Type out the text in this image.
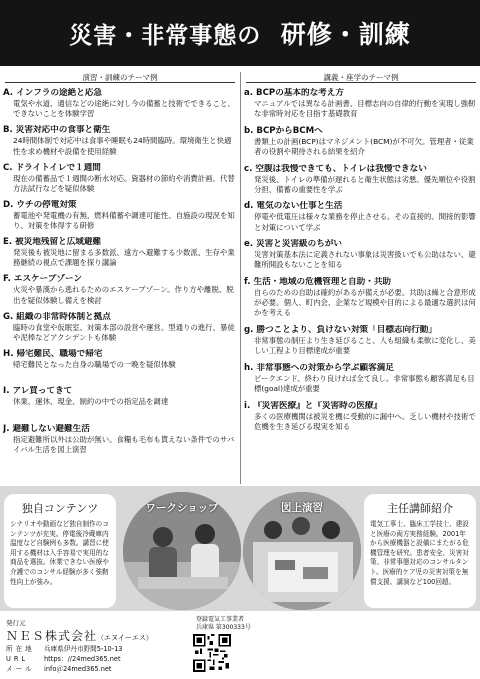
災害・非常事態の 研修・訓練
演習・訓練のテーマ例	講義・座学のテーマ例
A. インフラの途絶と応急
電気や水道、通信などの途絶に対し今の備蓄と技術でできること、できないことを体験学習
B. 災害対応中の食事と衛生
24時間体制で対応中は食事や睡眠も24時間臨時。環境衛生と快適性を求め機材や設備を使用経験
C. ドライトイレで１週間
現在の備蓄品で１週間の断水対応。資器材の節約や消費計画、代替方法試行などを疑似体験
D. ウチの停電対策
蓄電池や発電機の有無、燃料備蓄や調達可能性、自施設の現況を知り、対策を体得する研修
E. 被災地残留と広域避難
発災後も被災地に留まる多数派、遠方へ避難する少数派、生存や業務継続の視点で課題を探り講論
F. エスケープゾーン
火災や暴漢から逃れるためのエスケープゾーン。作り方や離脱、脱出を疑似体験し備えを検討
G. 組織の非常時体制と拠点
臨時の食堂や仮眠室、対策本部の設営や運営。型通りの進行、暴徒や泥棒などアクシデントも体験
H. 帰宅難民、職場で帰宅
帰宅難民となった自身の職場での一晩を疑似体験
I. アレ買ってきて
休業、運休、現金、制約の中での指定品を調達
J. 避難しない避難生活
指定避難所以外は公助が無い。食糧も毛布も貰えない条件でのサバイバル生活を図上演習
a. BCPの基本的な考え方
マニュアルでは異なる計画書、目標志向の自律的行動を実現し強靭な非常時対応を目指す基礎教育
b. BCPからBCMへ
書類上の計画(BCP)はマネジメント(BCM)が不可欠。管理者・従業者の役割や期待される結果を紹介
c. 空腹は我慢できても、トイレは我慢できない
発災後、トイレの準備が遅れると衛生状態は劣悪。優先順位や役割分担、備蓄の重要性を学ぶ
d. 電気のない仕事と生活
停電や低電圧は様々な業務を停止させる。その直接的、間接的影響と対策について学ぶ
e. 災害と災害級のちがい
災害対策基本法に定義されない事象は災害扱いでも公助はない、避難所開設もないことを知る
f. 生活・地域の危機管理と自助・共助
自らのための自助は確約があるが備えが必要。共助は繰と合意形成が必要。個人、町内会、企業など規模や目的による最適な選択は何かを考える
g. 勝つことより、負けない対策「目標志向行動」
非常事態の制圧より生き延びること、人も組織も柔軟に変化し、美しい工程より目標達成が重要
h. 非常事態への対策から学ぶ顧客満足
ピークエンド、終わり良ければ全て良し。非常事態も顧客満足も目標(goal)達成が重要
i. 『災害医療』と『災害時の医療』
多くの医療機関は被災を機に受動的に漏中へ。乏しい機材や技術で危機を生き延びる現実を知る
独自コンテンツ
シナリオや動画など独自制作のコンテンツが充実。停電後冷蔵庫内温度など自験例も多数。講習に使用する機材は入手容易で実用的な商品を選抜。休業できない医療や介護でのコンサル経験が多く強靭性向上が強み。
ワークショップ	図上演習	主任講師紹介
電気工事士、臨床工学技士、建設と医療の両方実務経験。2001年から医療機器と設備にまたがる危機管理を研究。患者安全、災害対策、非常事態対応のコンサルタント。医療的ケア児の災害対策を無償支援、講演など100回超。
発行元
ＮＥＳ株式会社（エヌイーエス）
所在地	兵庫県伊丹市野間5-10-13
URL	https：//24med365.net
メール	info＠24med365.net
登録電気工事業者
兵庫県 第300333号
